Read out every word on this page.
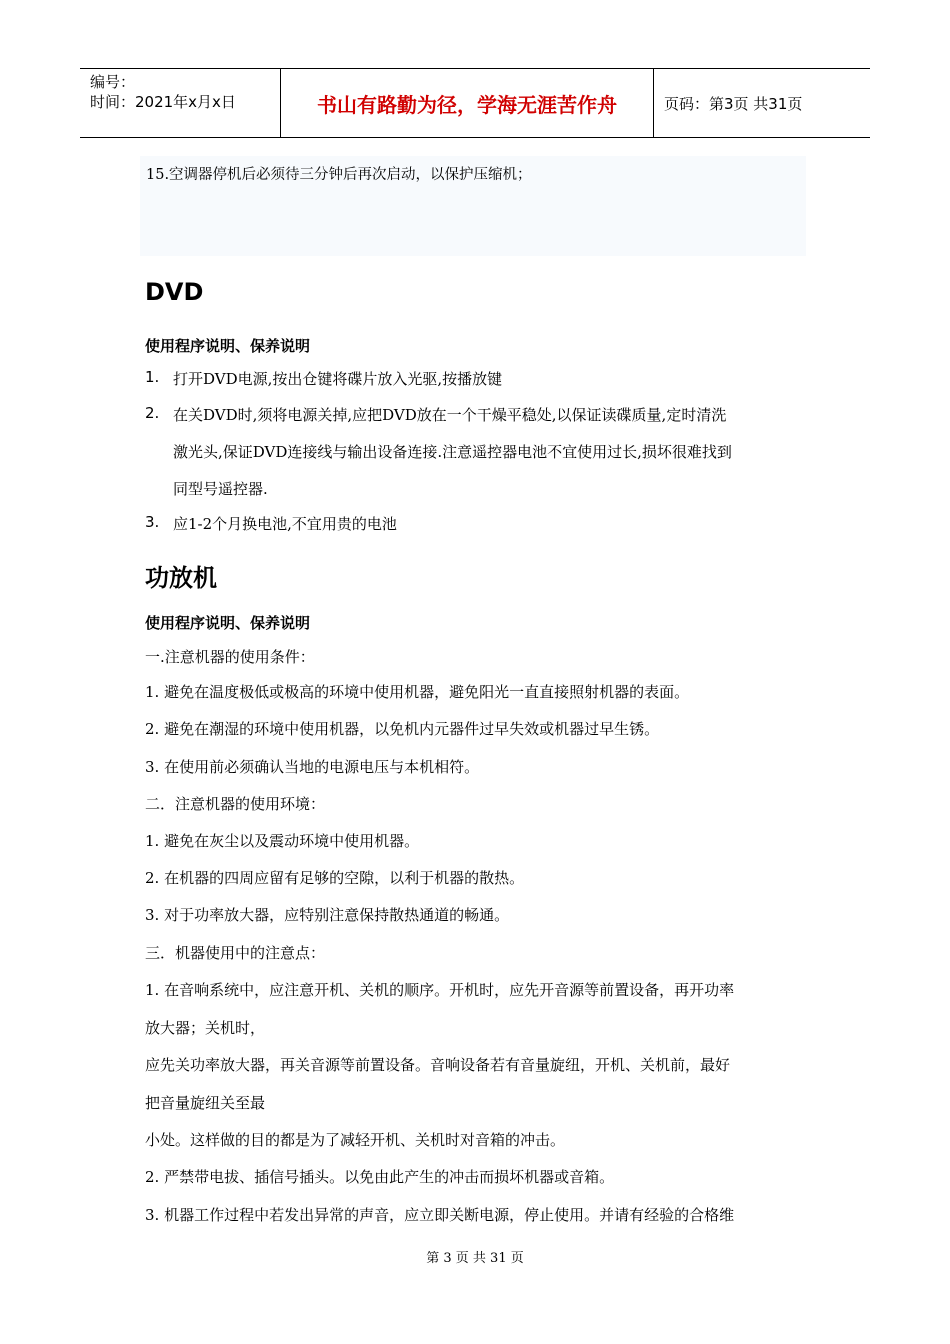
编号：
时间：2021年x月x日	书山有路勤为径，学海无涯苦作舟	页码：第3页 共31页
15.空调器停机后必须待三分钟后再次启动，以保护压缩机；
DVD
使用程序说明、保养说明
1. 打开DVD电源,按出仓键将碟片放入光驱,按播放键
2. 在关DVD时,须将电源关掉,应把DVD放在一个干燥平稳处,以保证读碟质量,定时清洗
激光头,保证DVD连接线与输出设备连接.注意遥控器电池不宜使用过长,损坏很难找到
同型号遥控器.
3. 应1-2个月换电池,不宜用贵的电池
功放机
使用程序说明、保养说明
一.注意机器的使用条件：
1. 避免在温度极低或极高的环境中使用机器，避免阳光一直直接照射机器的表面。
2. 避免在潮湿的环境中使用机器，以免机内元器件过早失效或机器过早生锈。
3. 在使用前必须确认当地的电源电压与本机相符。
二．注意机器的使用环境：
1. 避免在灰尘以及震动环境中使用机器。
2. 在机器的四周应留有足够的空隙，以利于机器的散热。
3. 对于功率放大器，应特别注意保持散热通道的畅通。
三．机器使用中的注意点：
1. 在音响系统中，应注意开机、关机的顺序。开机时，应先开音源等前置设备，再开功率
放大器；关机时，
应先关功率放大器，再关音源等前置设备。音响设备若有音量旋纽，开机、关机前，最好
把音量旋纽关至最
小处。这样做的目的都是为了减轻开机、关机时对音箱的冲击。
2. 严禁带电拔、插信号插头。以免由此产生的冲击而损坏机器或音箱。
3. 机器工作过程中若发出异常的声音，应立即关断电源，停止使用。并请有经验的合格维
第 3 页 共 31 页
